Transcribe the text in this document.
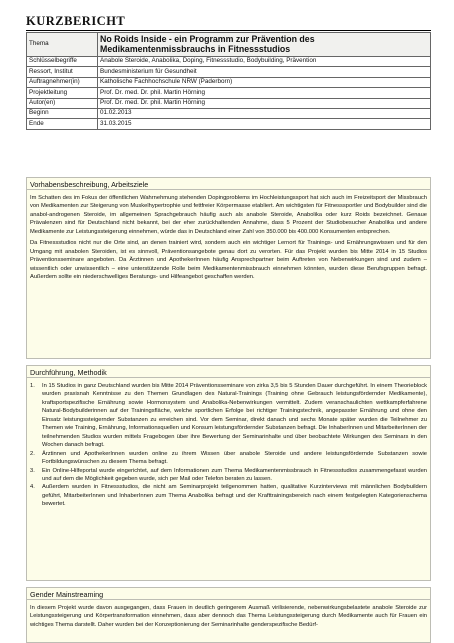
KURZBERICHT
Thema	No Roids Inside - ein Programm zur Prävention des Medikamentenmissbrauchs in Fitnessstudios
Schlüsselbegriffe	Anabole Steroide, Anabolika, Doping, Fitnessstudio, Bodybuilding, Prävention
Ressort, Institut	Bundesministerium für Gesundheit
Auftragnehmer(in)	Katholische Fachhochschule NRW (Paderborn)
Projektleitung	Prof. Dr. med. Dr. phil. Martin Hörning
Autor(en)	Prof. Dr. med. Dr. phil. Martin Hörning
Beginn	01.02.2013
Ende	31.03.2015
Vorhabensbeschreibung, Arbeitsziele

Im Schatten des im Fokus der öffentlichen Wahrnehmung stehenden Dopingproblems im Hochleistungssport hat sich auch im Freizeitsport der Missbrauch von Medikamenten zur Steigerung von Muskelhypertrophie und fettfreier Körpermasse etabliert. Am wichtigsten für Fitnesssportler und Bodybuilder sind die anabol-androgenen Steroide, im allgemeinen Sprachgebrauch häufig auch als anabole Steroide, Anabolika oder kurz Roids bezeichnet. Genaue Prävalenzen sind für Deutschland nicht bekannt, bei der eher zurückhaltenden Annahme, dass 5 Prozent der Studiobesucher Anabolika und andere Medikamente zur Leistungssteigerung einnehmen, würde das in Deutschland einer Zahl von 350.000 bis 400.000 Konsumenten entsprechen.

Da Fitnessstudios nicht nur die Orte sind, an denen trainiert wird, sondern auch ein wichtiger Lernort für Trainings- und Ernährungswissen und für den Umgang mit anabolen Steroiden, ist es sinnvoll, Präventionsangebote genau dort zu verorten. Für das Projekt wurden bis Mitte 2014 in 15 Studios Präventionsseminare angeboten. Da Ärztinnen und ApothekerInnen häufig Ansprechpartner beim Auftreten von Nebenwirkungen sind und zudem – wissentlich oder unwissentlich – eine unterstützende Rolle beim Medikamentenmissbrauch einnehmen könnten, wurden diese Berufsgruppen befragt. Außerdem sollte ein niederschwelliges Beratungs- und Hilfeangebot geschaffen werden.

Durchführung, Methodik
1. In 15 Studios in ganz Deutschland wurden bis Mitte 2014 Präventionsseminare von zirka 3,5 bis 5 Stunden Dauer durchgeführt. In einem Theorieblock wurden praxisnah Kenntnisse zu den Themen Grundlagen des Natural-Trainings (Training ohne Gebrauch leistungsfördernder Medikamente), kraftsportspezifische Ernährung sowie Hormonsystem und Anabolika-Nebenwirkungen vermittelt. Zudem veranschaulichten wettkampferfahrene Natural-Bodybuilderinnen auf der Trainingsfläche, welche sportlichen Erfolge bei richtiger Trainingstechnik, angepasster Ernährung und ohne den Einsatz leistungssteigernder Substanzen zu erreichen sind. Vor dem Seminar, direkt danach und sechs Monate später wurden die Teilnehmer zu Themen wie Training, Ernährung, Informationsquellen und Konsum leistungsfördernder Substanzen befragt. Die InhaberInnen und MitarbeiterInnen der teilnehmenden Studios wurden mittels Fragebogen über ihre Bewertung der Seminarinhalte und über beobachtete Wirkungen des Seminars in den Wochen danach befragt.
2. Ärztinnen und ApothekerInnen wurden online zu ihrem Wissen über anabole Steroide und andere leistungsfördernde Substanzen sowie Fortbildungswünschen zu diesem Thema befragt.
3. Ein Online-Hilfeportal wurde eingerichtet, auf dem Informationen zum Thema Medikamentenmissbrauch in Fitnessstudios zusammengefasst wurden und auf dem die Möglichkeit gegeben wurde, sich per Mail oder Telefon beraten zu lassen.
4. Außerdem wurden in Fitnessstudios, die nicht am Seminarprojekt teilgenommen hatten, qualitative Kurzinterviews mit männlichen Bodybuildern geführt, MitarbeiterInnen und InhaberInnen zum Thema Anabolika befragt und der Krafttrainingsbereich nach einem festgelegten Kategorienschema bewertet.
Gender Mainstreaming

In diesem Projekt wurde davon ausgegangen, dass Frauen in deutlich geringerem Ausmaß virilisierende, nebenwirkungsbelastete anabole Steroide zur Leistungssteigerung und Körpertransformation einnehmen, dass aber dennoch das Thema Leistungssteigerung durch Medikamente auch für Frauen ein wichtiges Thema darstellt. Daher wurden bei der Konzeptionierung der Seminarinhalte genderspezifische Bedürf-
